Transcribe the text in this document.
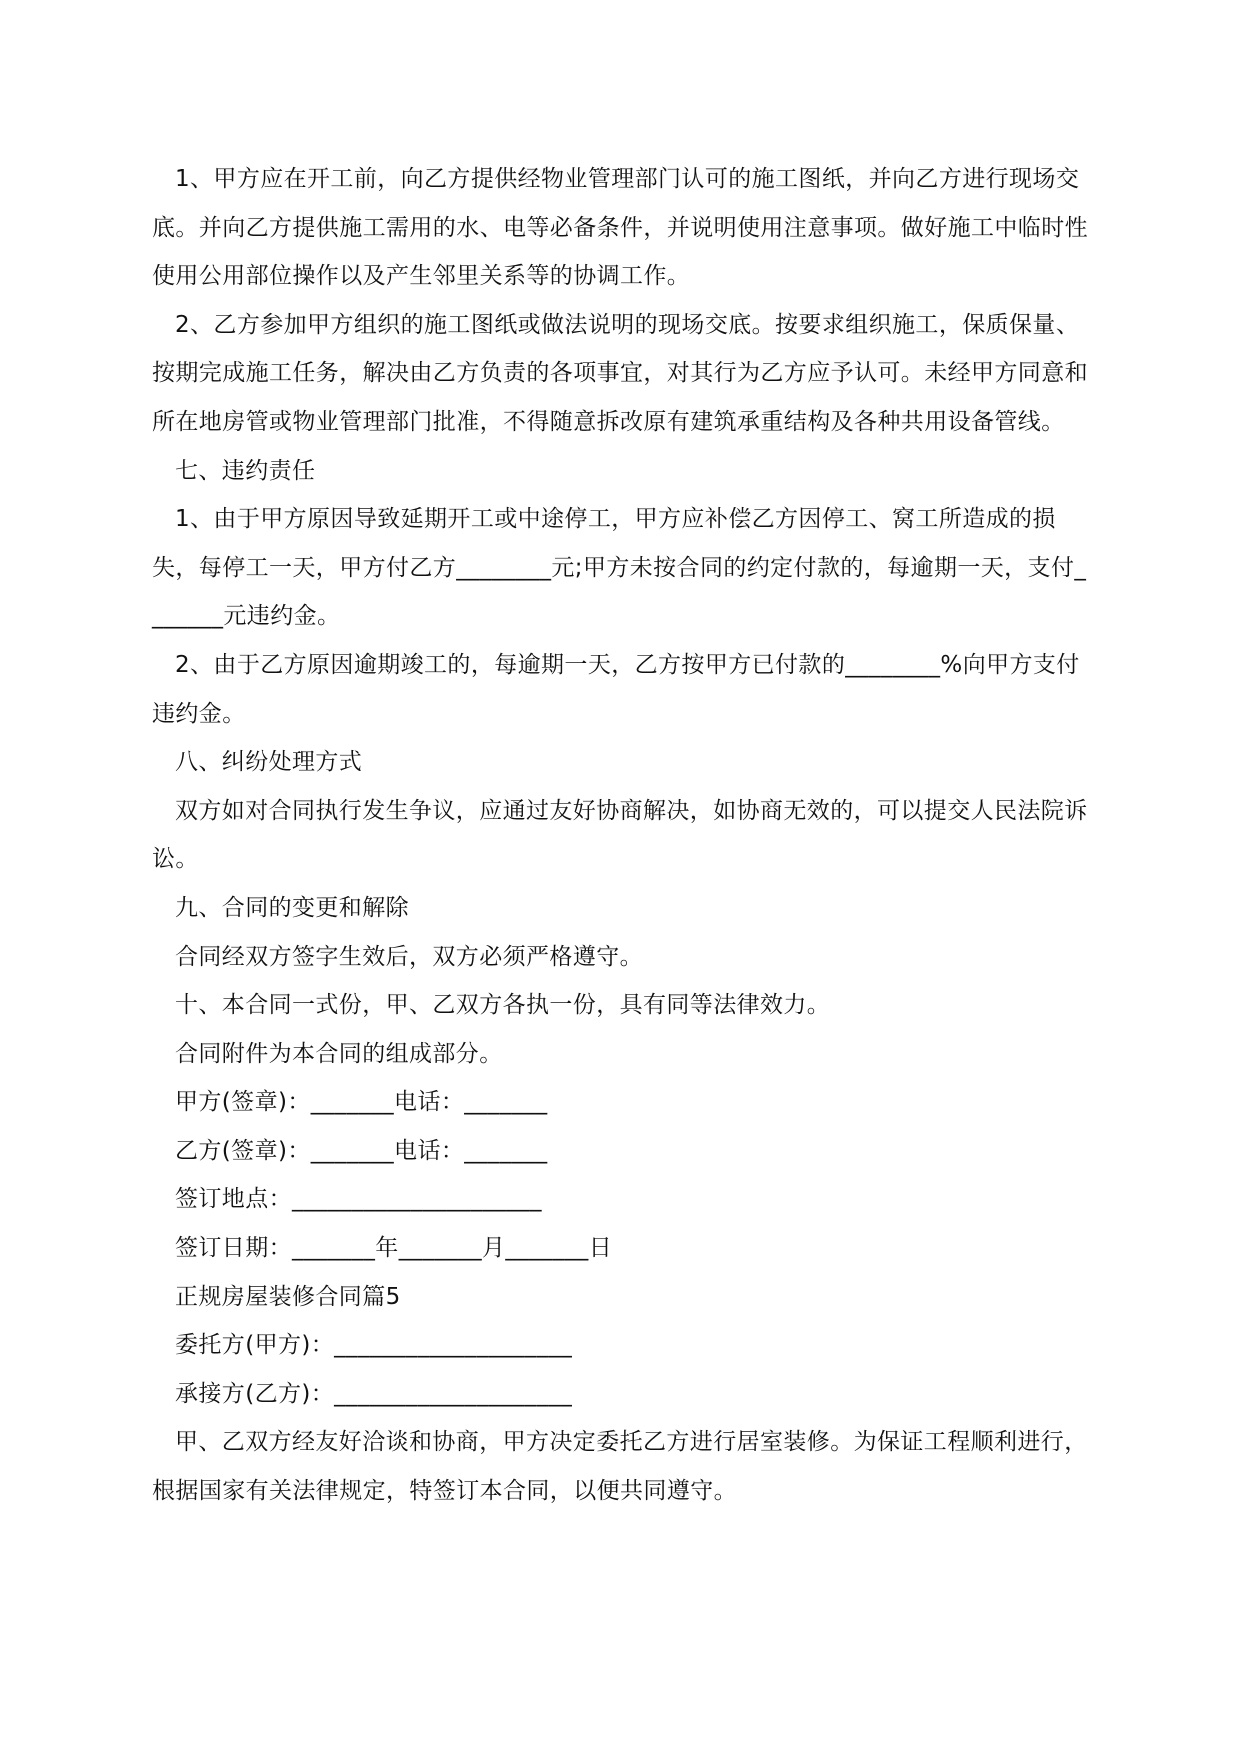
1、甲方应在开工前，向乙方提供经物业管理部门认可的施工图纸，并向乙方进行现场交底。并向乙方提供施工需用的水、电等必备条件，并说明使用注意事项。做好施工中临时性使用公用部位操作以及产生邻里关系等的协调工作。

2、乙方参加甲方组织的施工图纸或做法说明的现场交底。按要求组织施工，保质保量、按期完成施工任务，解决由乙方负责的各项事宜，对其行为乙方应予认可。未经甲方同意和所在地房管或物业管理部门批准，不得随意拆改原有建筑承重结构及各种共用设备管线。

七、违约责任

1、由于甲方原因导致延期开工或中途停工，甲方应补偿乙方因停工、窝工所造成的损失，每停工一天，甲方付乙方________元;甲方未按合同的约定付款的，每逾期一天，支付_______元违约金。

2、由于乙方原因逾期竣工的，每逾期一天，乙方按甲方已付款的________%向甲方支付违约金。

八、纠纷处理方式

双方如对合同执行发生争议，应通过友好协商解决，如协商无效的，可以提交人民法院诉讼。

九、合同的变更和解除

合同经双方签字生效后，双方必须严格遵守。

十、本合同一式份，甲、乙双方各执一份，具有同等法律效力。

合同附件为本合同的组成部分。

甲方(签章)：_______电话：_______

乙方(签章)：_______电话：_______

签订地点：_____________________

签订日期：_______年_______月_______日

正规房屋装修合同篇5

委托方(甲方)：____________________

承接方(乙方)：____________________

甲、乙双方经友好洽谈和协商，甲方决定委托乙方进行居室装修。为保证工程顺利进行，根据国家有关法律规定，特签订本合同，以便共同遵守。
